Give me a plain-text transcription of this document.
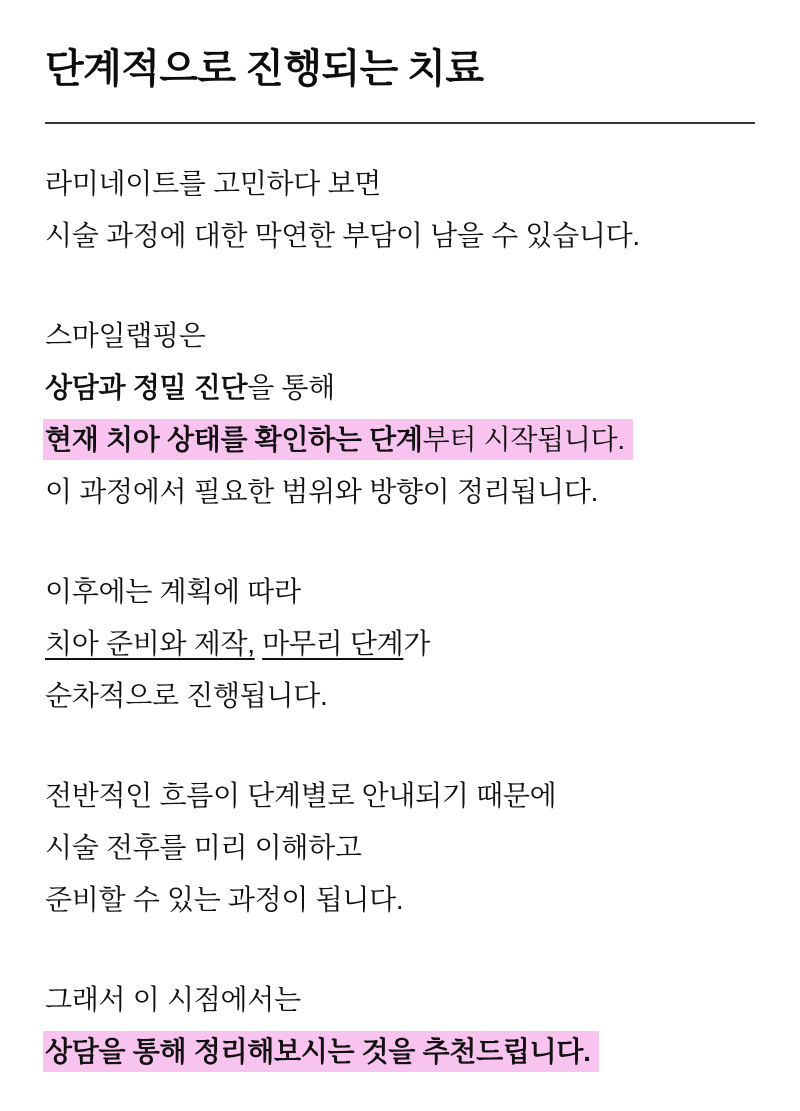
단계적으로 진행되는 치료

라미네이트를 고민하다 보면
시술 과정에 대한 막연한 부담이 남을 수 있습니다.

스마일랩핑은
상담과 정밀 진단을 통해
현재 치아 상태를 확인하는 단계부터 시작됩니다.
이 과정에서 필요한 범위와 방향이 정리됩니다.

이후에는 계획에 따라
치아 준비와 제작, 마무리 단계가
순차적으로 진행됩니다.

전반적인 흐름이 단계별로 안내되기 때문에
시술 전후를 미리 이해하고
준비할 수 있는 과정이 됩니다.

그래서 이 시점에서는
상담을 통해 정리해보시는 것을 추천드립니다.
